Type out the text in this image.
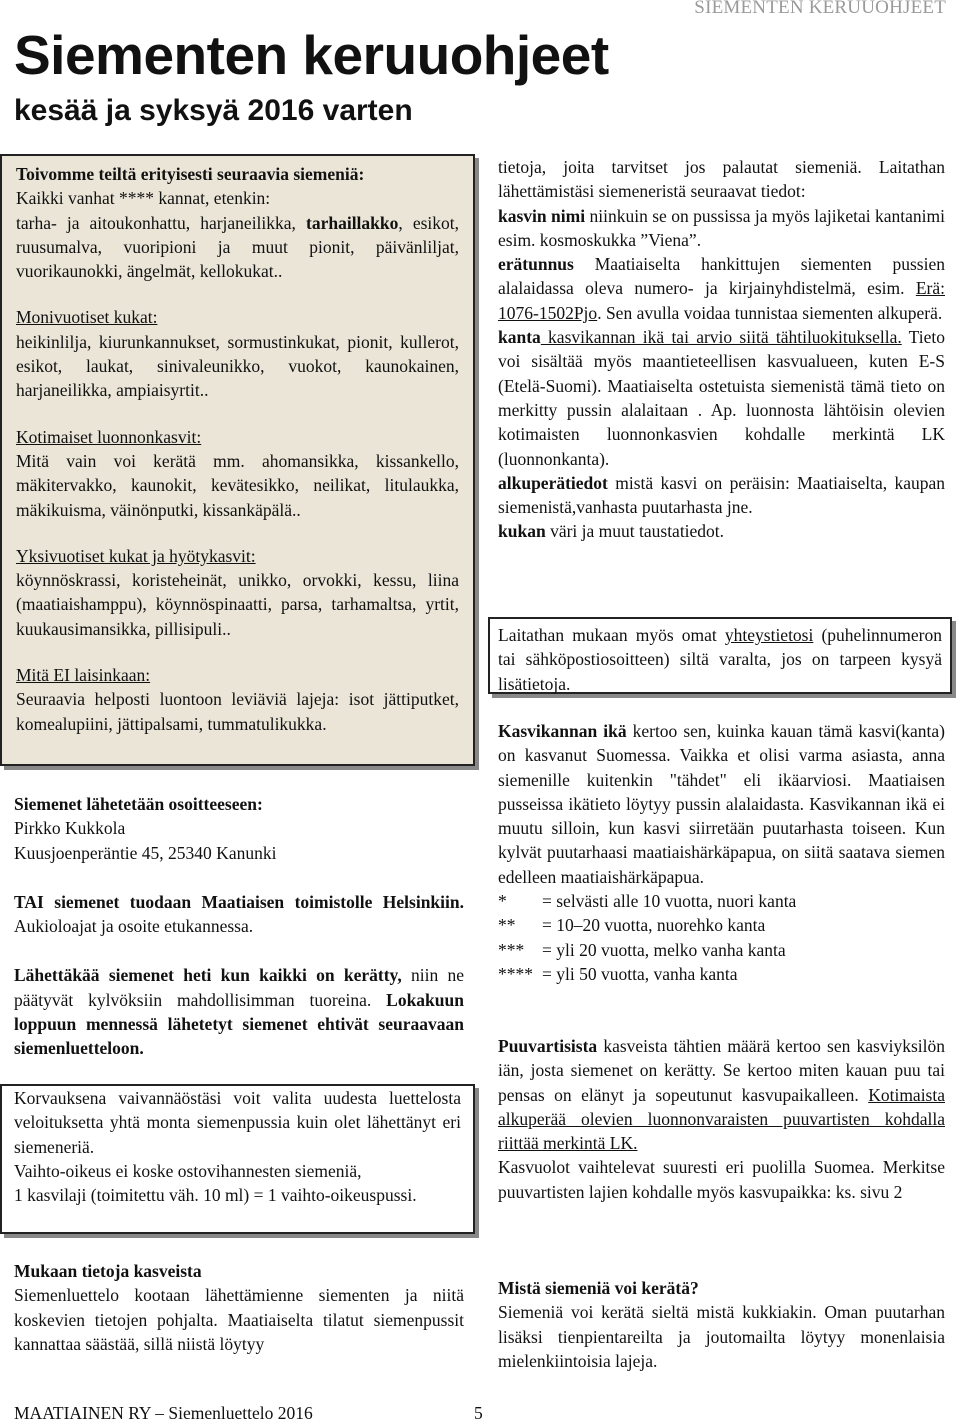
SIEMENTEN KERUUOHJEET
Siementen keruuohjeet
kesää ja syksyä 2016 varten

Toivomme teiltä erityisesti seuraavia siemeniä:

Kaikki vanhat **** kannat, etenkin:

tarha- ja aitoukonhattu, harjaneilikka, tarhaillakko, esikot, ruusumalva, vuoripioni ja muut pionit, päivänliljat, vuorikaunokki, ängelmät, kellokukat..

Monivuotiset kukat:

heikinlilja, kiurunkannukset, sormustinkukat, pionit, kullerot, esikot, laukat, sinivaleunikko, vuokot, kaunokainen, harjaneilikka, ampiaisyrtit..

Kotimaiset luonnonkasvit:

Mitä vain voi kerätä mm. ahomansikka, kissankello, mäkitervakko, kaunokit, kevätesikko, neilikat, litulaukka, mäkikuisma, väinönputki, kissankäpälä..

Yksivuotiset kukat ja hyötykasvit:

köynnöskrassi, koristeheinät, unikko, orvokki, kessu, liina (maatiaishamppu), köynnöspinaatti, parsa, tarhamaltsa, yrtit, kuukausimansikka, pillisipuli..

Mitä EI laisinkaan:

Seuraavia helposti luontoon leviäviä lajeja: isot jättiputket, komealupiini, jättipalsami, tummatulikukka.

Siemenet lähetetään osoitteeseen:

Pirkko Kukkola

Kuusjoenperäntie 45, 25340 Kanunki

TAI siemenet tuodaan Maatiaisen toimistolle Helsinkiin. Aukioloajat ja osoite etukannessa.

Lähettäkää siemenet heti kun kaikki on kerätty, niin ne päätyvät kylvöksiin mahdollisimman tuoreina. Lokakuun loppuun mennessä lähetetyt siemenet ehtivät seuraavaan siemenluetteloon.

Korvauksena vaivannäöstäsi voit valita uudesta luettelosta veloituksetta yhtä monta siemenpussia kuin olet lähettänyt eri siemeneriä.

Vaihto-oikeus ei koske ostovihannesten siemeniä,

1 kasvilaji (toimitettu väh. 10 ml) = 1 vaihto-oikeuspussi.

Mukaan tietoja kasveista

Siemenluettelo kootaan lähettämienne siementen ja niitä koskevien tietojen pohjalta. Maatiaiselta tilatut siemenpussit kannattaa säästää, sillä niistä löytyy

tietoja, joita tarvitset jos palautat siemeniä. Laitathan lähettämistäsi siemeneristä seuraavat tiedot:

kasvin nimi niinkuin se on pussissa ja myös lajiketai kantanimi esim. kosmoskukka ”Viena”.

erätunnus Maatiaiselta hankittujen siementen pussien alalaidassa oleva numero- ja kirjainyhdistelmä, esim. Erä: 1076-1502Pjo. Sen avulla voidaa tunnistaa siementen alkuperä.

kanta kasvikannan ikä tai arvio siitä tähtiluokituksella. Tieto voi sisältää myös maantieteellisen kasvualueen, kuten E-S (Etelä-Suomi). Maatiaiselta ostetuista siemenistä tämä tieto on merkitty pussin alalaitaan . Ap. luonnosta lähtöisin olevien kotimaisten luonnonkasvien kohdalle merkintä LK (luonnonkanta).

alkuperätiedot mistä kasvi on peräisin: Maatiaiselta, kaupan siemenistä,vanhasta puutarhasta jne.

kukan väri ja muut taustatiedot.

Laitathan mukaan myös omat yhteystietosi (puhelinnumeron tai sähköpostiosoitteen) siltä varalta, jos on tarpeen kysyä lisätietoja.

Kasvikannan ikä kertoo sen, kuinka kauan tämä kasvi(kanta) on kasvanut Suomessa. Vaikka et olisi varma asiasta, anna siemenille kuitenkin "tähdet" eli ikäarviosi. Maatiaisen pusseissa ikätieto löytyy pussin alalaidasta. Kasvikannan ikä ei muutu silloin, kun kasvi siirretään puutarhasta toiseen. Kun kylvät puutarhaasi maatiaishärkäpapua, on siitä saatava siemen edelleen maatiaishärkäpapua.

* = selvästi alle 10 vuotta, nuori kanta

** = 10–20 vuotta, nuorehko kanta

*** = yli 20 vuotta, melko vanha kanta

**** = yli 50 vuotta, vanha kanta

Puuvartisista kasveista tähtien määrä kertoo sen kasviyksilön iän, josta siemenet on kerätty. Se kertoo miten kauan puu tai pensas on elänyt ja sopeutunut kasvupaikalleen. Kotimaista alkuperää olevien luonnonvaraisten puuvartisten kohdalla riittää merkintä LK.

Kasvuolot vaihtelevat suuresti eri puolilla Suomea. Merkitse puuvartisten lajien kohdalle myös kasvupaikka: ks. sivu 2

Mistä siemeniä voi kerätä?

Siemeniä voi kerätä sieltä mistä kukkiakin. Oman puutarhan lisäksi tienpientareilta ja joutomailta löytyy monenlaisia mielenkiintoisia lajeja.

MAATIAINEN RY – Siemenluettelo 2016	5
